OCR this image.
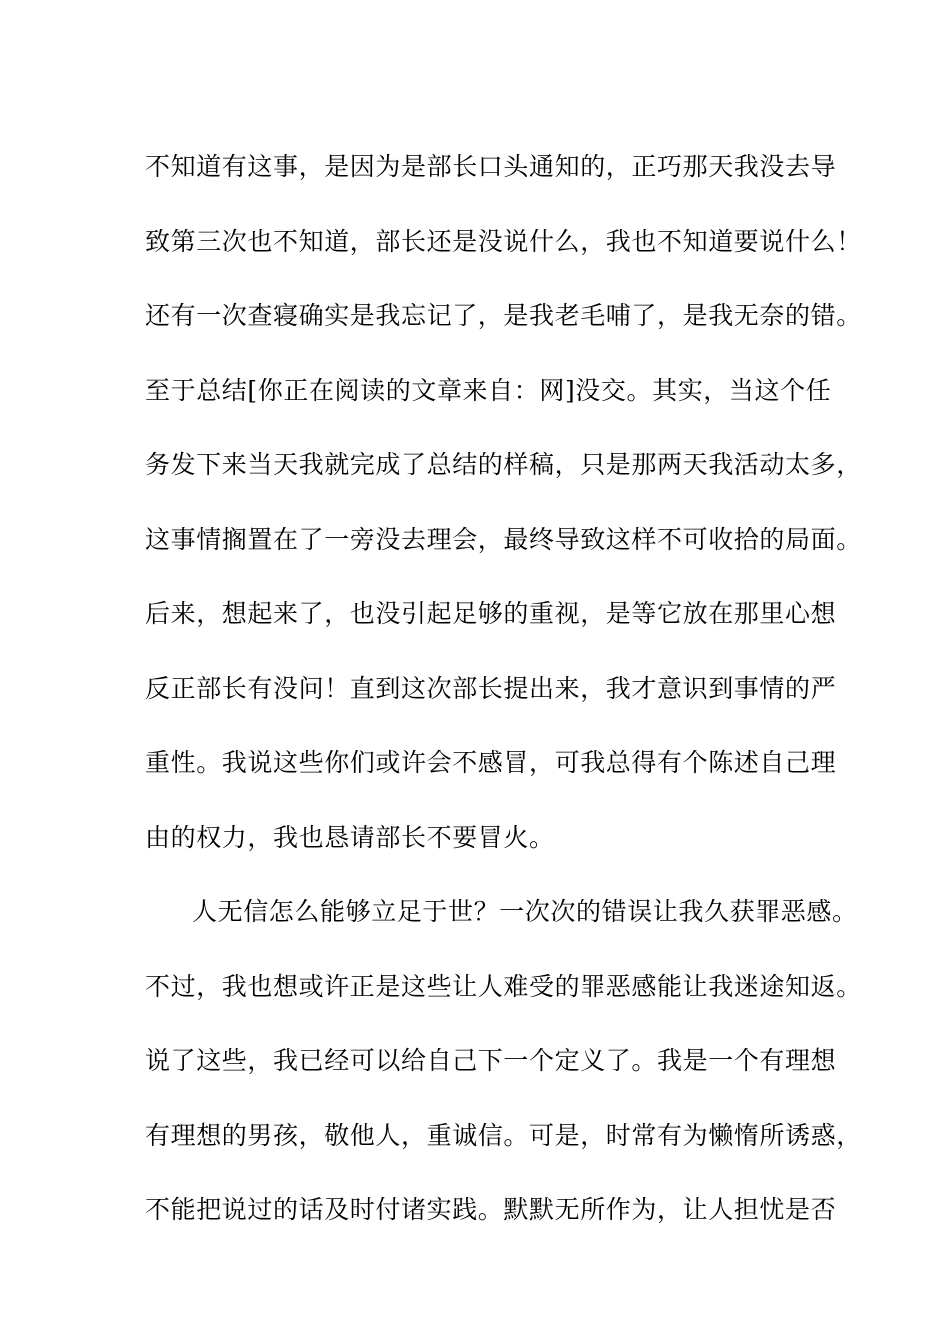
不知道有这事，是因为是部长口头通知的，正巧那天我没去导
致第三次也不知道，部长还是没说什么，我也不知道要说什么！
还有一次查寝确实是我忘记了，是我老毛哺了，是我无奈的错。
至于总结[你正在阅读的文章来自：网]没交。其实，当这个任
务发下来当天我就完成了总结的样稿，只是那两天我活动太多，
这事情搁置在了一旁没去理会，最终导致这样不可收拾的局面。
后来，想起来了，也没引起足够的重视，是等它放在那里心想
反正部长有没问！直到这次部长提出来，我才意识到事情的严
重性。我说这些你们或许会不感冒，可我总得有个陈述自己理
由的权力，我也恳请部长不要冒火。
人无信怎么能够立足于世？一次次的错误让我久获罪恶感。
不过，我也想或许正是这些让人难受的罪恶感能让我迷途知返。
说了这些，我已经可以给自己下一个定义了。我是一个有理想
有理想的男孩，敬他人，重诚信。可是，时常有为懒惰所诱惑，
不能把说过的话及时付诸实践。默默无所作为，让人担忧是否
